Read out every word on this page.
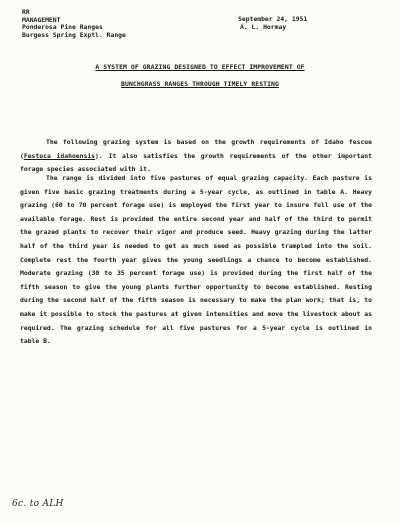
RR
MANAGEMENT
Ponderosa Pine Ranges
Burgess Spring Exptl. Range
September 24, 1951
A. L. Hormay
A SYSTEM OF GRAZING DESIGNED TO EFFECT IMPROVEMENT OF
BUNCHGRASS RANGES THROUGH TIMELY RESTING

The following grazing system is based on the growth requirements of Idaho fescue (Festuca idahoensis). It also satisfies the growth requirements of the other important forage species associated with it.

The range is divided into five pastures of equal grazing capacity. Each pasture is given five basic grazing treatments during a 5-year cycle, as outlined in table A. Heavy grazing (60 to 70 percent forage use) is employed the first year to insure full use of the available forage. Rest is provided the entire second year and half of the third to permit the grazed plants to recover their vigor and produce seed. Heavy grazing during the latter half of the third year is needed to get as much seed as possible trampled into the soil. Complete rest the fourth year gives the young seedlings a chance to become established. Moderate grazing (30 to 35 percent forage use) is provided during the first half of the fifth season to give the young plants further opportunity to become established. Resting during the second half of the fifth season is necessary to make the plan work; that is, to make it possible to stock the pastures at given intensities and move the livestock about as required. The grazing schedule for all five pastures for a 5-year cycle is outlined in table B.

6c. to ALH
